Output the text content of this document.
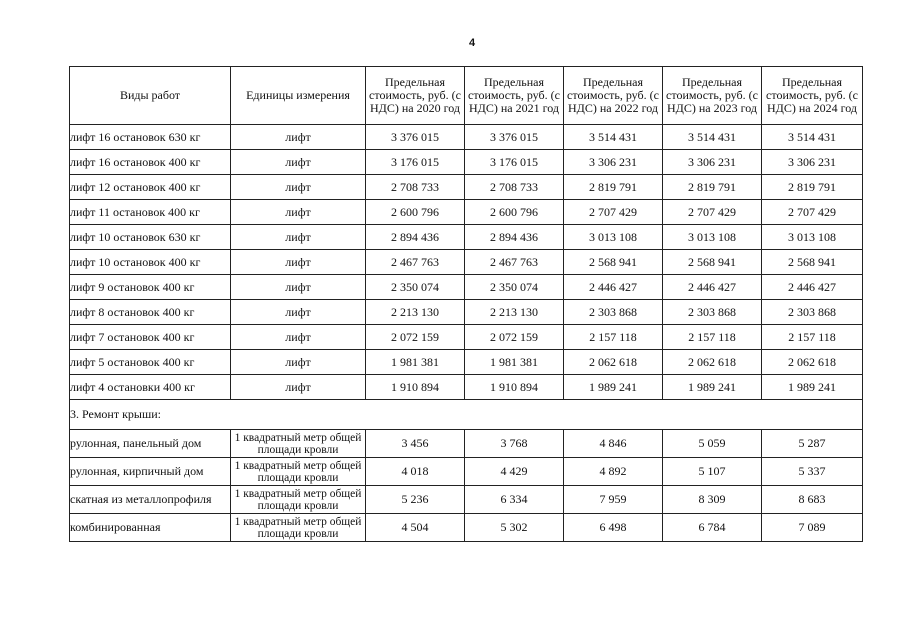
4
Виды работ	Единицы измерения	Предельная стоимость, руб. (с НДС) на 2020 год	Предельная стоимость, руб. (с НДС) на 2021 год	Предельная стоимость, руб. (с НДС) на 2022 год	Предельная стоимость, руб. (с НДС) на 2023 год	Предельная стоимость, руб. (с НДС) на 2024 год
лифт 16 остановок 630 кг	лифт	3 376 015	3 376 015	3 514 431	3 514 431	3 514 431
лифт 16 остановок 400 кг	лифт	3 176 015	3 176 015	3 306 231	3 306 231	3 306 231
лифт 12 остановок 400 кг	лифт	2 708 733	2 708 733	2 819 791	2 819 791	2 819 791
лифт 11 остановок 400 кг	лифт	2 600 796	2 600 796	2 707 429	2 707 429	2 707 429
лифт 10 остановок 630 кг	лифт	2 894 436	2 894 436	3 013 108	3 013 108	3 013 108
лифт 10 остановок 400 кг	лифт	2 467 763	2 467 763	2 568 941	2 568 941	2 568 941
лифт 9 остановок 400 кг	лифт	2 350 074	2 350 074	2 446 427	2 446 427	2 446 427
лифт 8 остановок 400 кг	лифт	2 213 130	2 213 130	2 303 868	2 303 868	2 303 868
лифт 7 остановок 400 кг	лифт	2 072 159	2 072 159	2 157 118	2 157 118	2 157 118
лифт 5 остановок 400 кг	лифт	1 981 381	1 981 381	2 062 618	2 062 618	2 062 618
лифт 4 остановки 400 кг	лифт	1 910 894	1 910 894	1 989 241	1 989 241	1 989 241
3. Ремонт крыши:						
рулонная, панельный дом	1 квадратный метр общей площади кровли	3 456	3 768	4 846	5 059	5 287
рулонная, кирпичный дом	1 квадратный метр общей площади кровли	4 018	4 429	4 892	5 107	5 337
скатная из металлопрофиля	1 квадратный метр общей площади кровли	5 236	6 334	7 959	8 309	8 683
комбинированная	1 квадратный метр общей площади кровли	4 504	5 302	6 498	6 784	7 089
